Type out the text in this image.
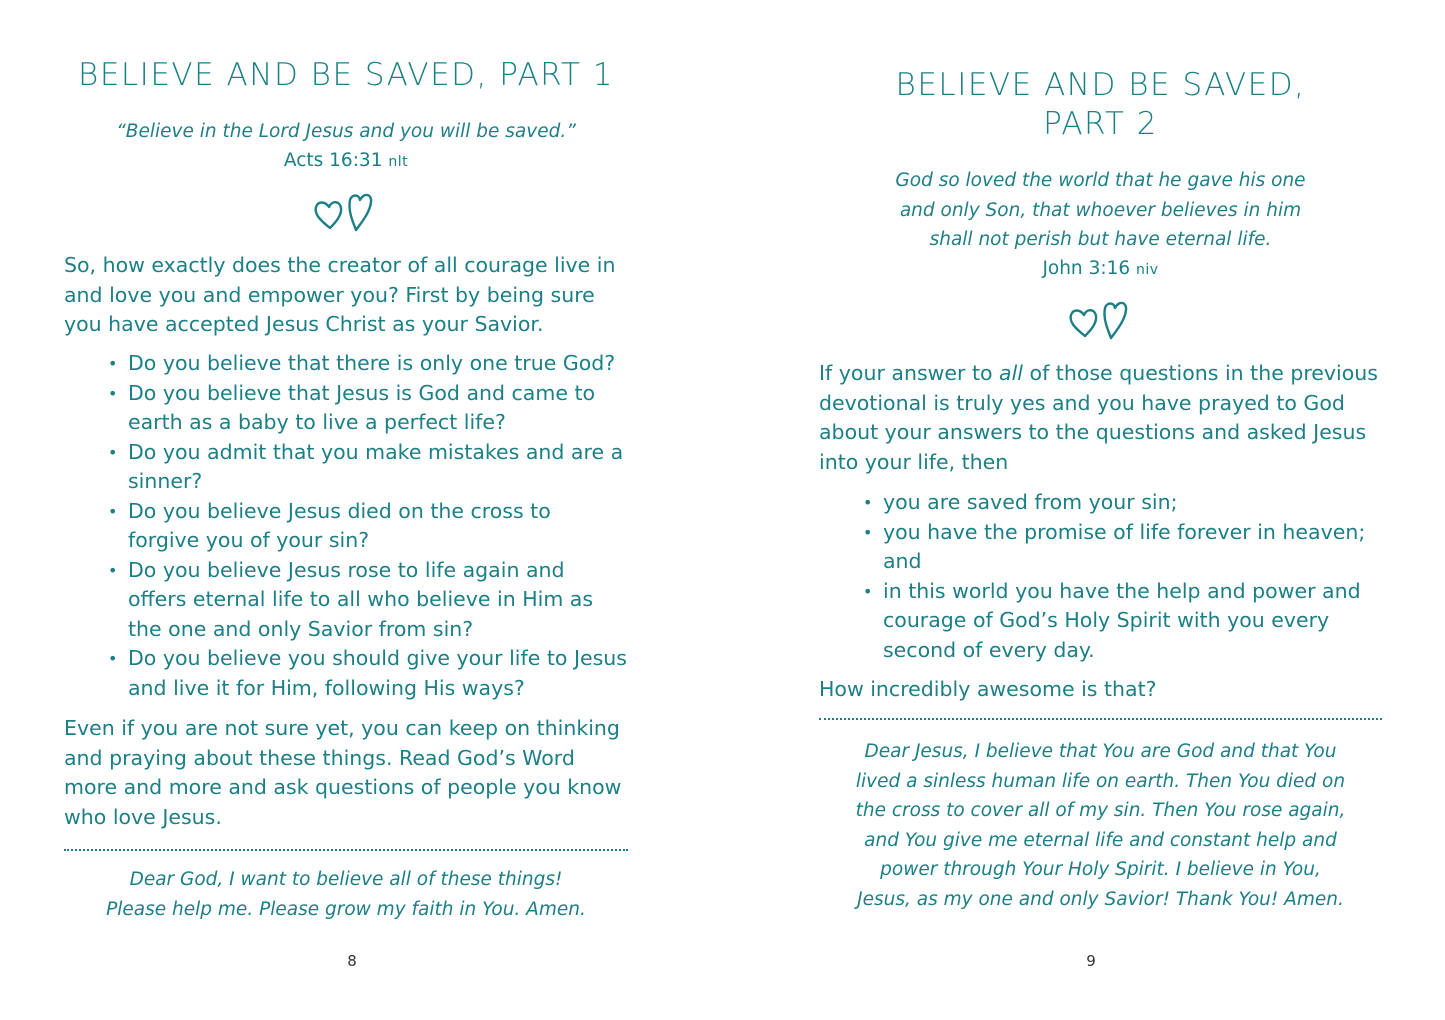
BELIEVE AND BE SAVED, PART 1
“Believe in the Lord Jesus and you will be saved.”
Acts 16:31 nlt

So, how exactly does the creator of all courage live in and love you and empower you? First by being sure you have accepted Jesus Christ as your Savior.

• Do you believe that there is only one true God?
• Do you believe that Jesus is God and came to earth as a baby to live a perfect life?
• Do you admit that you make mistakes and are a sinner?
• Do you believe Jesus died on the cross to forgive you of your sin?
• Do you believe Jesus rose to life again and offers eternal life to all who believe in Him as the one and only Savior from sin?
• Do you believe you should give your life to Jesus and live it for Him, following His ways?

Even if you are not sure yet, you can keep on thinking and praying about these things. Read God’s Word more and more and ask questions of people you know who love Jesus.

Dear God, I want to believe all of these things!
Please help me. Please grow my faith in You. Amen.
8
BELIEVE AND BE SAVED,
PART 2
God so loved the world that he gave his one
and only Son, that whoever believes in him
shall not perish but have eternal life.
John 3:16 niv

If your answer to all of those questions in the previous devotional is truly yes and you have prayed to God about your answers to the questions and asked Jesus into your life, then

• you are saved from your sin;
• you have the promise of life forever in heaven; and
• in this world you have the help and power and courage of God’s Holy Spirit with you every second of every day.

How incredibly awesome is that?

Dear Jesus, I believe that You are God and that You
lived a sinless human life on earth. Then You died on
the cross to cover all of my sin. Then You rose again,
and You give me eternal life and constant help and
power through Your Holy Spirit. I believe in You,
Jesus, as my one and only Savior! Thank You! Amen.
9
